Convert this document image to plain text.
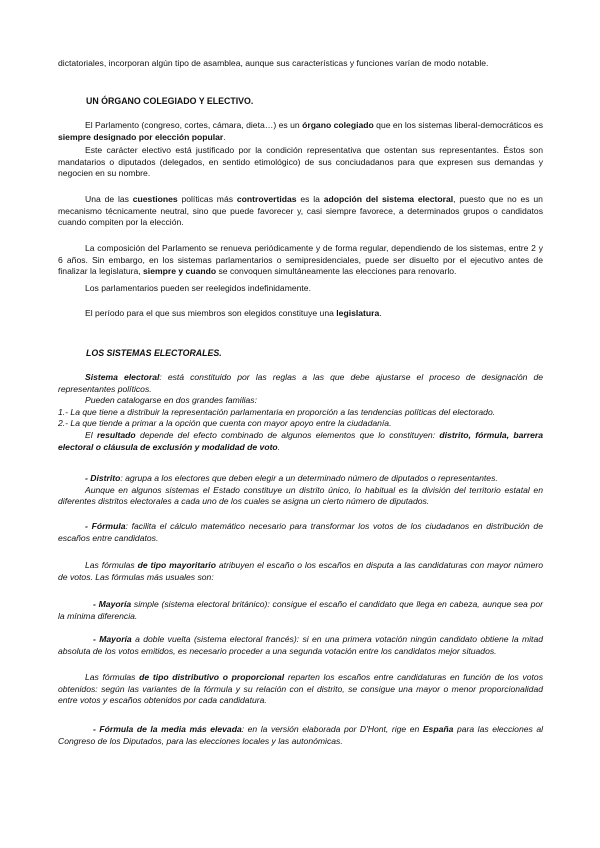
dictatoriales, incorporan algún tipo de asamblea, aunque sus características y funciones varían de modo notable.

UN ÓRGANO COLEGIADO Y ELECTIVO.

El Parlamento (congreso, cortes, cámara, dieta…) es un órgano colegiado que en los sistemas liberal-democráticos es siempre designado por elección popular.

Este carácter electivo está justificado por la condición representativa que ostentan sus representantes. Éstos son mandatarios o diputados (delegados, en sentido etimológico) de sus conciudadanos para que expresen sus demandas y negocien en su nombre.

Una de las cuestiones políticas más controvertidas es la adopción del sistema electoral, puesto que no es un mecanismo técnicamente neutral, sino que puede favorecer y, casi siempre favorece, a determinados grupos o candidatos cuando compiten por la elección.

La composición del Parlamento se renueva periódicamente y de forma regular, dependiendo de los sistemas, entre 2 y 6 años. Sin embargo, en los sistemas parlamentarios o semipresidenciales, puede ser disuelto por el ejecutivo antes de finalizar la legislatura, siempre y cuando se convoquen simultáneamente las elecciones para renovarlo.

Los parlamentarios pueden ser reelegidos indefinidamente.

El período para el que sus miembros son elegidos constituye una legislatura.

LOS SISTEMAS ELECTORALES.

Sistema electoral: está constituido por las reglas a las que debe ajustarse el proceso de designación de representantes políticos.
Pueden catalogarse en dos grandes familias:
1.- La que tiene a distribuir la representación parlamentaria en proporción a las tendencias políticas del electorado.
2.- La que tiende a primar a la opción que cuenta con mayor apoyo entre la ciudadanía.
El resultado depende del efecto combinado de algunos elementos que lo constituyen: distrito, fórmula, barrera electoral o cláusula de exclusión y modalidad de voto.
- Distrito: agrupa a los electores que deben elegir a un determinado número de diputados o representantes.
Aunque en algunos sistemas el Estado constituye un distrito único, lo habitual es la división del territorio estatal en diferentes distritos electorales a cada uno de los cuales se asigna un cierto número de diputados.

- Fórmula: facilita el cálculo matemático necesario para transformar los votos de los ciudadanos en distribución de escaños entre candidatos.

Las fórmulas de tipo mayoritario atribuyen el escaño o los escaños en disputa a las candidaturas con mayor número de votos. Las fórmulas más usuales son:

- Mayoría simple (sistema electoral británico): consigue el escaño el candidato que llega en cabeza, aunque sea por la mínima diferencia.

- Mayoría a doble vuelta (sistema electoral francés): si en una primera votación ningún candidato obtiene la mitad absoluta de los votos emitidos, es necesario proceder a una segunda votación entre los candidatos mejor situados.

Las fórmulas de tipo distributivo o proporcional reparten los escaños entre candidaturas en función de los votos obtenidos: según las variantes de la fórmula y su relación con el distrito, se consigue una mayor o menor proporcionalidad entre votos y escaños obtenidos por cada candidatura.

- Fórmula de la media más elevada: en la versión elaborada por D'Hont, rige en España para las elecciones al Congreso de los Diputados, para las elecciones locales y las autonómicas.
